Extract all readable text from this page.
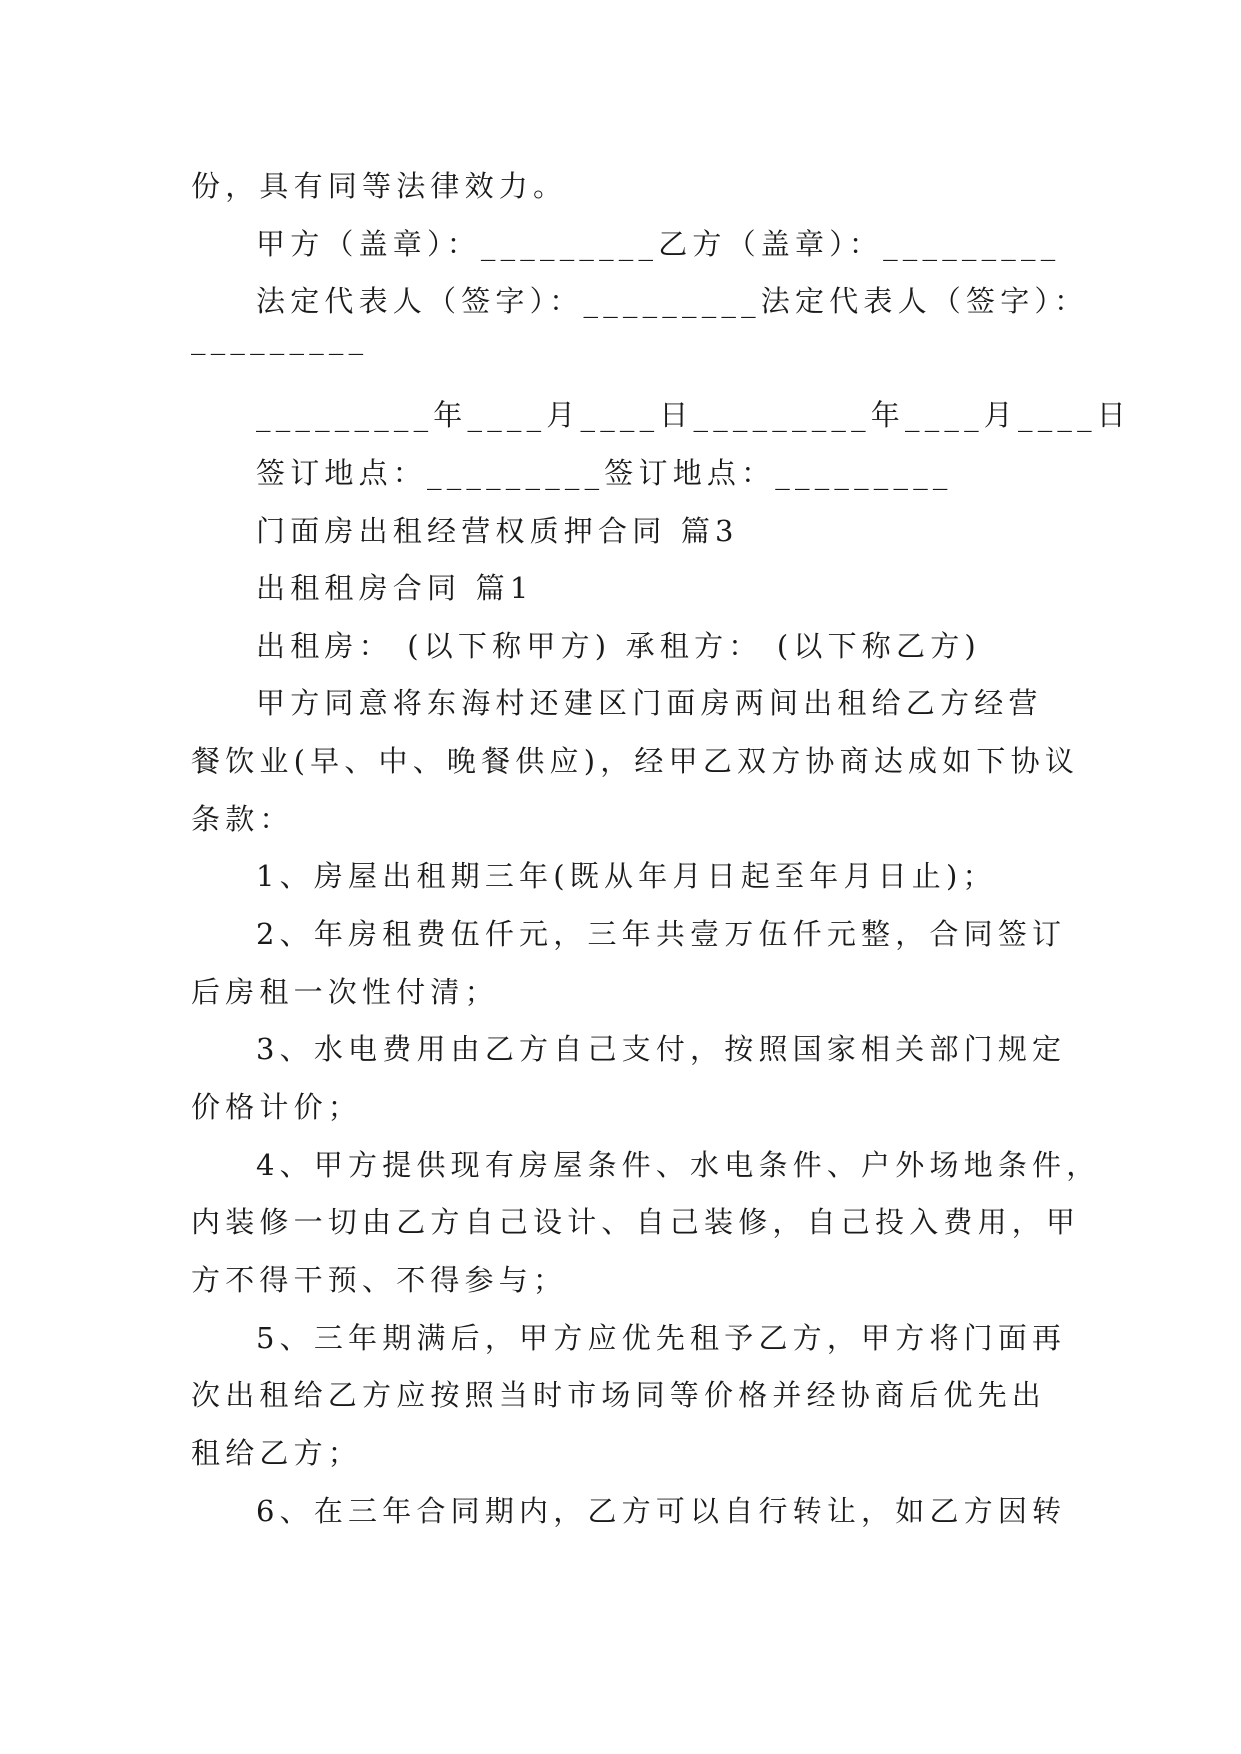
份，具有同等法律效力。
甲方（盖章）：_________乙方（盖章）：_________
法定代表人（签字）：_________法定代表人（签字）：
_________
_________年____月____日_________年____月____日
签订地点：_________签订地点：_________
门面房出租经营权质押合同 篇3
出租租房合同 篇1
出租房： (以下称甲方) 承租方： (以下称乙方)
甲方同意将东海村还建区门面房两间出租给乙方经营
餐饮业(早、中、晚餐供应)，经甲乙双方协商达成如下协议
条款：
1、房屋出租期三年(既从年月日起至年月日止)；
2、年房租费伍仟元，三年共壹万伍仟元整，合同签订
后房租一次性付清；
3、水电费用由乙方自己支付，按照国家相关部门规定
价格计价；
4、甲方提供现有房屋条件、水电条件、户外场地条件，
内装修一切由乙方自己设计、自己装修，自己投入费用，甲
方不得干预、不得参与；
5、三年期满后，甲方应优先租予乙方，甲方将门面再
次出租给乙方应按照当时市场同等价格并经协商后优先出
租给乙方；
6、在三年合同期内，乙方可以自行转让，如乙方因转
